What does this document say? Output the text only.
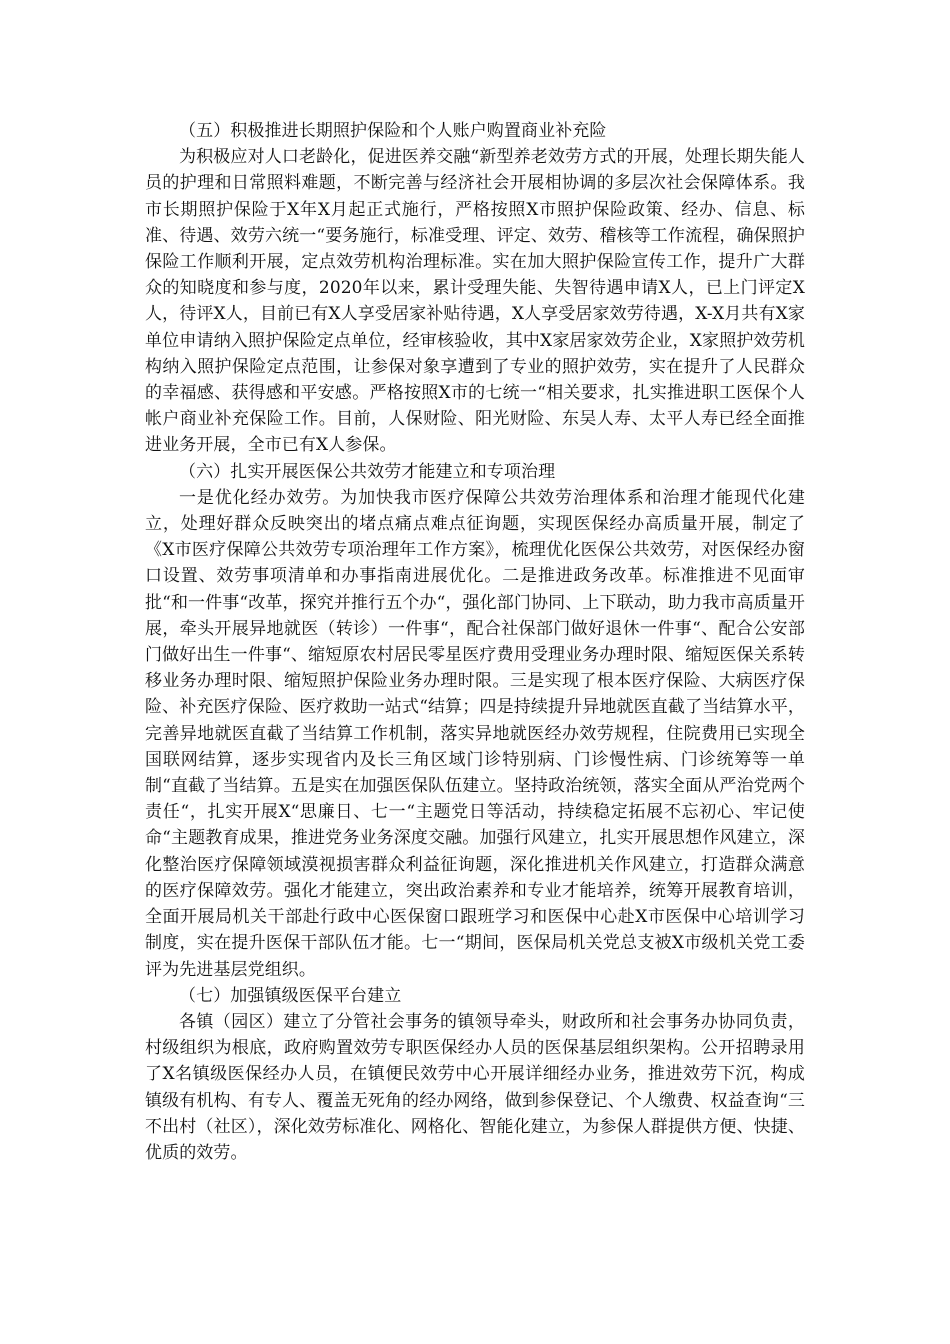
（五）积极推进长期照护保险和个人账户购置商业补充险

为积极应对人口老龄化，促进医养交融“新型养老效劳方式的开展，处理长期失能人员的护理和日常照料难题，不断完善与经济社会开展相协调的多层次社会保障体系。我市长期照护保险于X年X月起正式施行，严格按照X市照护保险政策、经办、信息、标准、待遇、效劳六统一“要务施行，标准受理、评定、效劳、稽核等工作流程，确保照护保险工作顺利开展，定点效劳机构治理标准。实在加大照护保险宣传工作，提升广大群众的知晓度和参与度，2020年以来，累计受理失能、失智待遇申请X人，已上门评定X人，待评X人，目前已有X人享受居家补贴待遇，X人享受居家效劳待遇，X-X月共有X家单位申请纳入照护保险定点单位，经审核验收，其中X家居家效劳企业，X家照护效劳机构纳入照护保险定点范围，让参保对象享遭到了专业的照护效劳，实在提升了人民群众的幸福感、获得感和平安感。严格按照X市的七统一“相关要求，扎实推进职工医保个人帐户商业补充保险工作。目前，人保财险、阳光财险、东吴人寿、太平人寿已经全面推进业务开展，全市已有X人参保。

（六）扎实开展医保公共效劳才能建立和专项治理

一是优化经办效劳。为加快我市医疗保障公共效劳治理体系和治理才能现代化建立，处理好群众反映突出的堵点痛点难点征询题，实现医保经办高质量开展，制定了《X市医疗保障公共效劳专项治理年工作方案》，梳理优化医保公共效劳，对医保经办窗口设置、效劳事项清单和办事指南进展优化。二是推进政务改革。标准推进不见面审批“和一件事“改革，探究并推行五个办“，强化部门协同、上下联动，助力我市高质量开展，牵头开展异地就医（转诊）一件事“，配合社保部门做好退休一件事“、配合公安部门做好出生一件事“、缩短原农村居民零星医疗费用受理业务办理时限、缩短医保关系转移业务办理时限、缩短照护保险业务办理时限。三是实现了根本医疗保险、大病医疗保险、补充医疗保险、医疗救助一站式“结算；四是持续提升异地就医直截了当结算水平，完善异地就医直截了当结算工作机制，落实异地就医经办效劳规程，住院费用已实现全国联网结算，逐步实现省内及长三角区域门诊特别病、门诊慢性病、门诊统筹等一单制“直截了当结算。五是实在加强医保队伍建立。坚持政治统领，落实全面从严治党两个责任“，扎实开展X“思廉日、七一“主题党日等活动，持续稳定拓展不忘初心、牢记使命“主题教育成果，推进党务业务深度交融。加强行风建立，扎实开展思想作风建立，深化整治医疗保障领域漠视损害群众利益征询题，深化推进机关作风建立，打造群众满意的医疗保障效劳。强化才能建立，突出政治素养和专业才能培养，统筹开展教育培训，全面开展局机关干部赴行政中心医保窗口跟班学习和医保中心赴X市医保中心培训学习制度，实在提升医保干部队伍才能。七一“期间，医保局机关党总支被X市级机关党工委评为先进基层党组织。

（七）加强镇级医保平台建立

各镇（园区）建立了分管社会事务的镇领导牵头，财政所和社会事务办协同负责，村级组织为根底，政府购置效劳专职医保经办人员的医保基层组织架构。公开招聘录用了X名镇级医保经办人员，在镇便民效劳中心开展详细经办业务，推进效劳下沉，构成镇级有机构、有专人、覆盖无死角的经办网络，做到参保登记、个人缴费、权益查询“三不出村（社区），深化效劳标准化、网格化、智能化建立，为参保人群提供方便、快捷、优质的效劳。
